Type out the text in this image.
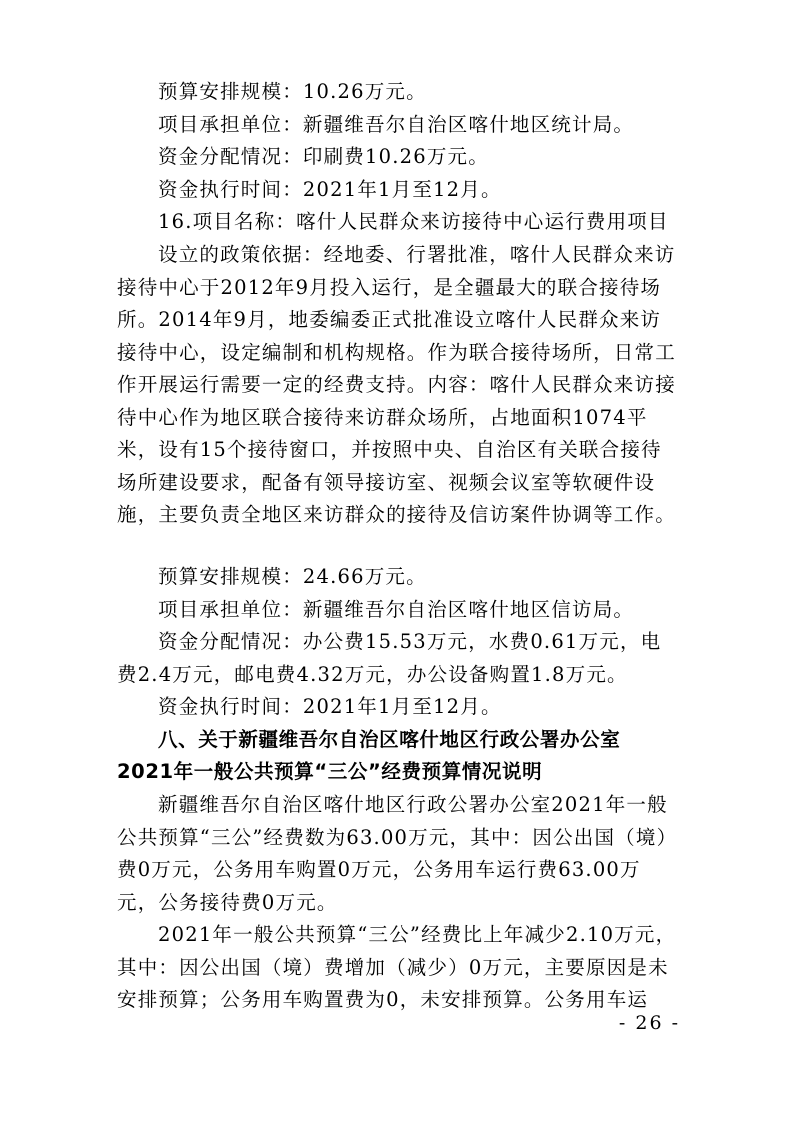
预算安排规模：10.26万元。

项目承担单位：新疆维吾尔自治区喀什地区统计局。

资金分配情况：印刷费10.26万元。

资金执行时间：2021年1月至12月。

16.项目名称：喀什人民群众来访接待中心运行费用项目

设立的政策依据：经地委、行署批准，喀什人民群众来访接待中心于2012年9月投入运行，是全疆最大的联合接待场所。2014年9月，地委编委正式批准设立喀什人民群众来访接待中心，设定编制和机构规格。作为联合接待场所，日常工作开展运行需要一定的经费支持。内容：喀什人民群众来访接待中心作为地区联合接待来访群众场所，占地面积1074平米，设有15个接待窗口，并按照中央、自治区有关联合接待场所建设要求，配备有领导接访室、视频会议室等软硬件设施，主要负责全地区来访群众的接待及信访案件协调等工作。

预算安排规模：24.66万元。

项目承担单位：新疆维吾尔自治区喀什地区信访局。

资金分配情况：办公费15.53万元，水费0.61万元，电费2.4万元，邮电费4.32万元，办公设备购置1.8万元。

资金执行时间：2021年1月至12月。

八、关于新疆维吾尔自治区喀什地区行政公署办公室

2021年一般公共预算“三公”经费预算情况说明

新疆维吾尔自治区喀什地区行政公署办公室2021年一般公共预算“三公”经费数为63.00万元，其中：因公出国（境）费0万元，公务用车购置0万元，公务用车运行费63.00万元，公务接待费0万元。

2021年一般公共预算“三公”经费比上年减少2.10万元，其中：因公出国（境）费增加（减少）0万元，主要原因是未安排预算；公务用车购置费为0，未安排预算。公务用车运

- 26 -
